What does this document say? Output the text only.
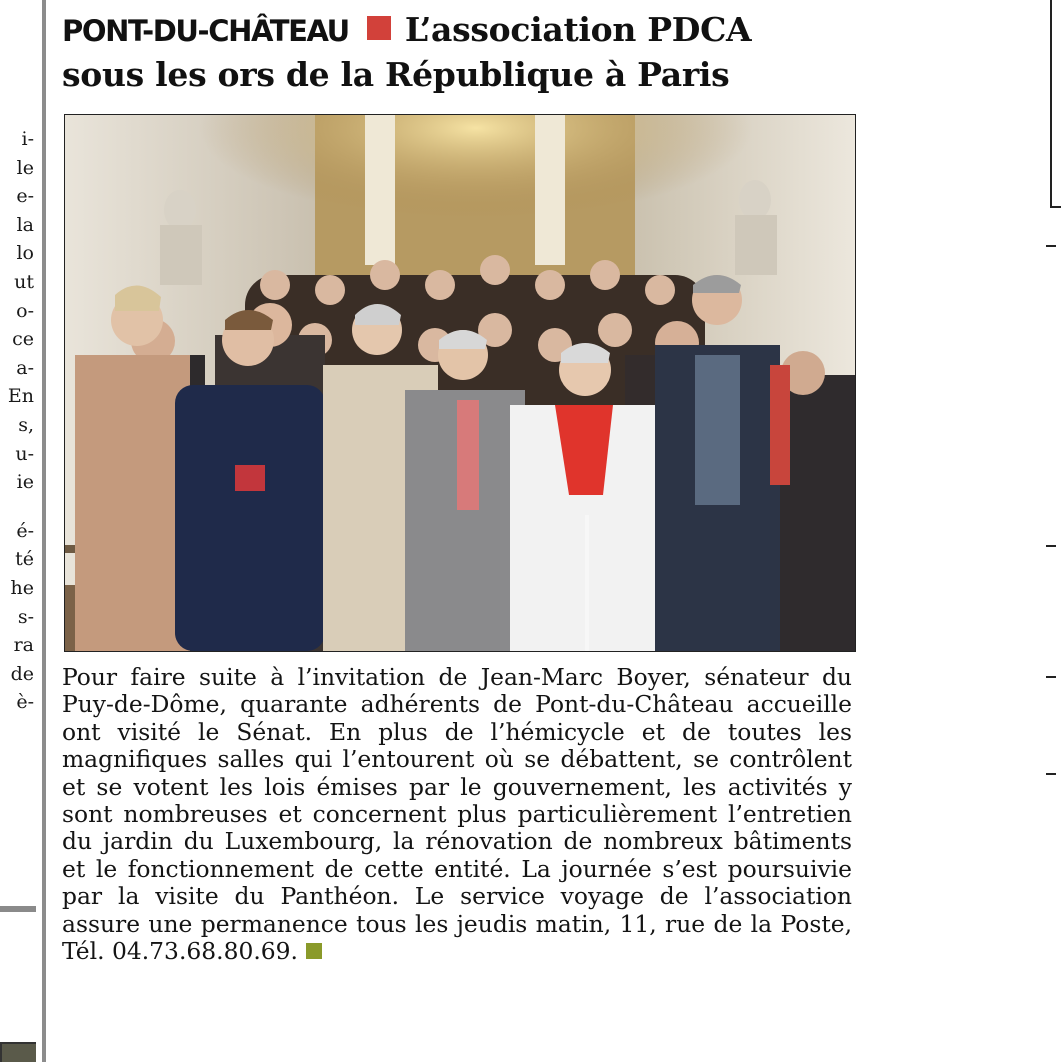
i-
le
e-
la
lo
ut
o-
ce
a-
En
s,
u-
ie
é-
té
he
s-
ra
de
è-
PONT-DU-CHÂTEAU L’association PDCA
sous les ors de la République à Paris

Pour faire suite à l’invitation de Jean-Marc Boyer, sénateur du Puy-de-Dôme, quarante adhérents de Pont-du-Château accueille ont visité le Sénat. En plus de l’hémicycle et de toutes les magnifiques salles qui l’entourent où se débattent, se contrôlent et se votent les lois émises par le gouvernement, les activités y sont nombreuses et concernent plus particulièrement l’entretien du jardin du Luxembourg, la rénovation de nombreux bâtiments et le fonctionnement de cette entité. La journée s’est poursuivie par la visite du Panthéon. Le service voyage de l’association assure une permanence tous les jeudis matin, 11, rue de la Poste, Tél. 04.73.68.80.69.
